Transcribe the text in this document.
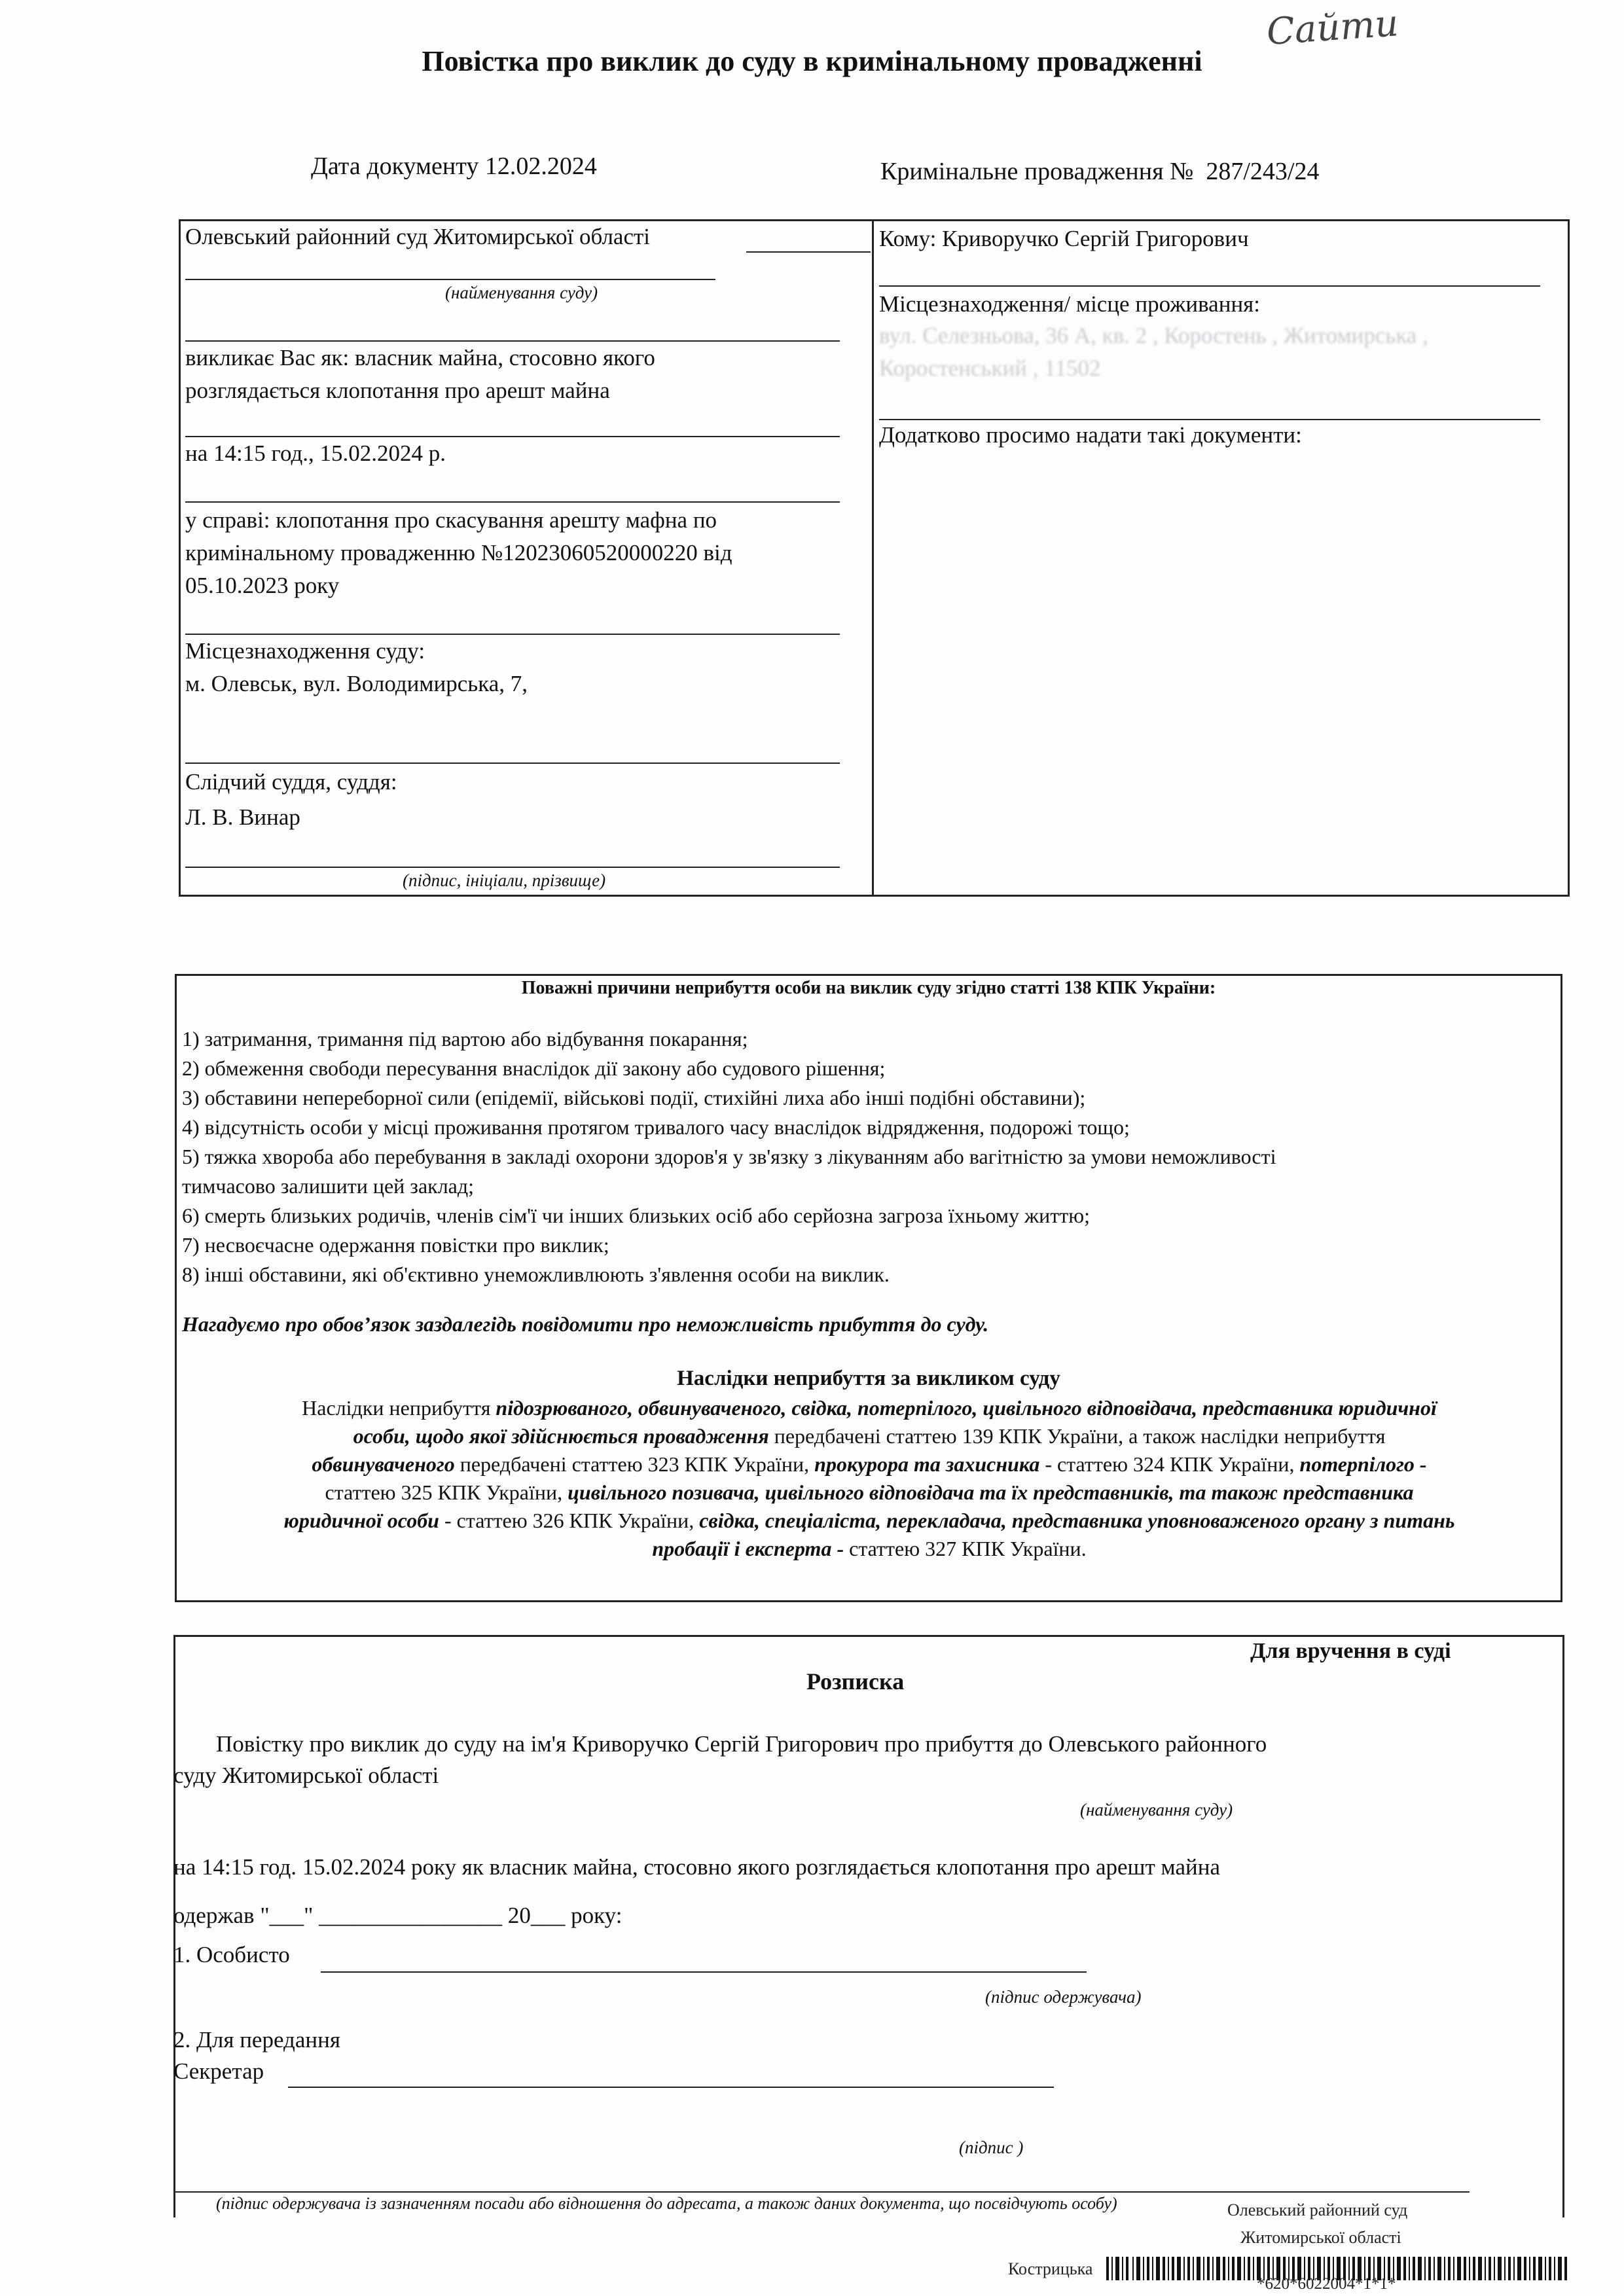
Сайти
Повістка про виклик до суду в кримінальному провадженні
Дата документу 12.02.2024	Кримінальне провадження № 287/243/24
Олевський районний суд Житомирської області
(найменування суду)
викликає Вас як: власник майна, стосовно якого
розглядається клопотання про арешт майна
на 14:15 год., 15.02.2024 р.
у справі: клопотання про скасування арешту мафна по
кримінальному провадженню №12023060520000220 від
05.10.2023 року
Місцезнаходження суду:
м. Олевськ, вул. Володимирська, 7,
Слідчий суддя, суддя:
Л. В. Винар
(підпис, ініціали, прізвище)
Кому: Криворучко Сергій Григорович
Місцезнаходження/ місце проживання:
вул. Селезньова, 36 А, кв. 2 , Коростень , Житомирська ,
Коростенський , 11502
Додатково просимо надати такі документи:
Поважні причини неприбуття особи на виклик суду згідно статті 138 КПК України:
1) затримання, тримання під вартою або відбування покарання;
2) обмеження свободи пересування внаслідок дії закону або судового рішення;
3) обставини непереборної сили (епідемії, військові події, стихійні лиха або інші подібні обставини);
4) відсутність особи у місці проживання протягом тривалого часу внаслідок відрядження, подорожі тощо;
5) тяжка хвороба або перебування в закладі охорони здоров'я у зв'язку з лікуванням або вагітністю за умови неможливості
тимчасово залишити цей заклад;
6) смерть близьких родичів, членів сім'ї чи інших близьких осіб або серйозна загроза їхньому життю;
7) несвоєчасне одержання повістки про виклик;
8) інші обставини, які об'єктивно унеможливлюють з'явлення особи на виклик.
Нагадуємо про обов’язок заздалегідь повідомити про неможливість прибуття до суду.
Наслідки неприбуття за викликом суду
Наслідки неприбуття підозрюваного, обвинуваченого, свідка, потерпілого, цивільного відповідача, представника юридичної
особи, щодо якої здійснюється провадження передбачені статтею 139 КПК України, а також наслідки неприбуття
обвинуваченого передбачені статтею 323 КПК України, прокурора та захисника - статтею 324 КПК України, потерпілого -
статтею 325 КПК України, цивільного позивача, цивільного відповідача та їх представників, та також представника
юридичної особи - статтею 326 КПК України, свідка, спеціаліста, перекладача, представника уповноваженого органу з питань
пробації і експерта - статтею 327 КПК України.
Для вручення в суді
Розписка
Повістку про виклик до суду на ім'я Криворучко Сергій Григорович про прибуття до Олевського районного
суду Житомирської області
(найменування суду)
на 14:15 год. 15.02.2024 року як власник майна, стосовно якого розглядається клопотання про арешт майна
одержав "___" ________________ 20___ року:
1. Особисто
(підпис одержувача)
2. Для передання
Секретар
(підпис )
(підпис одержувача із зазначенням посади або відношення до адресата, а також даних документа, що посвідчують особу)	Олевський районний суд
Житомирської області
Кострицька
*620*6022004*1*1*
